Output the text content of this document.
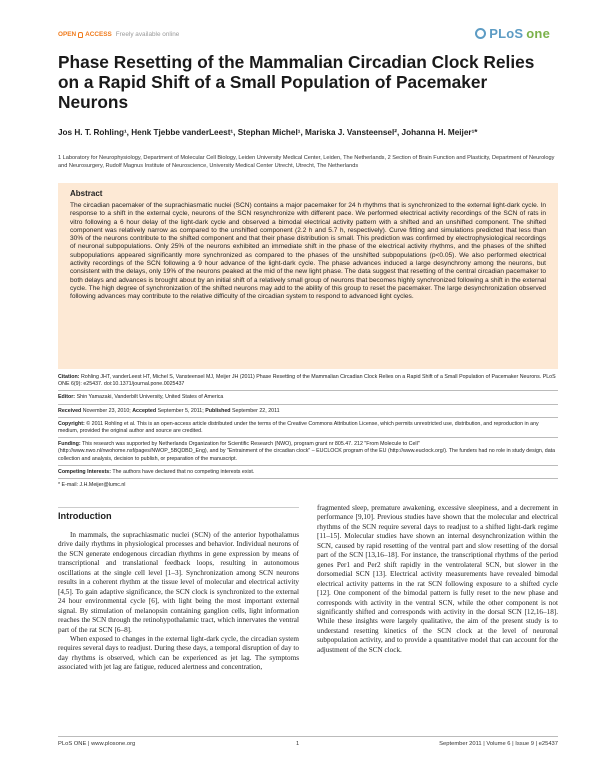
OPEN ACCESS Freely available online	PLoS one
Phase Resetting of the Mammalian Circadian Clock Relies on a Rapid Shift of a Small Population of Pacemaker Neurons
Jos H. T. Rohling¹, Henk Tjebbe vanderLeest¹, Stephan Michel¹, Mariska J. Vansteensel², Johanna H. Meijer¹*
1 Laboratory for Neurophysiology, Department of Molecular Cell Biology, Leiden University Medical Center, Leiden, The Netherlands, 2 Section of Brain Function and Plasticity, Department of Neurology and Neurosurgery, Rudolf Magnus Institute of Neuroscience, University Medical Center Utrecht, Utrecht, The Netherlands
Abstract

The circadian pacemaker of the suprachiasmatic nuclei (SCN) contains a major pacemaker for 24 h rhythms that is synchronized to the external light-dark cycle. In response to a shift in the external cycle, neurons of the SCN resynchronize with different pace. We performed electrical activity recordings of the SCN of rats in vitro following a 6 hour delay of the light-dark cycle and observed a bimodal electrical activity pattern with a shifted and an unshifted component. The shifted component was relatively narrow as compared to the unshifted component (2.2 h and 5.7 h, respectively). Curve fitting and simulations predicted that less than 30% of the neurons contribute to the shifted component and that their phase distribution is small. This prediction was confirmed by electrophysiological recordings of neuronal subpopulations. Only 25% of the neurons exhibited an immediate shift in the phase of the electrical activity rhythms, and the phases of the shifted subpopulations appeared significantly more synchronized as compared to the phases of the unshifted subpopulations (p<0.05). We also performed electrical activity recordings of the SCN following a 9 hour advance of the light-dark cycle. The phase advances induced a large desynchrony among the neurons, but consistent with the delays, only 19% of the neurons peaked at the mid of the new light phase. The data suggest that resetting of the central circadian pacemaker to both delays and advances is brought about by an initial shift of a relatively small group of neurons that becomes highly synchronized following a shift in the external cycle. The high degree of synchronization of the shifted neurons may add to the ability of this group to reset the pacemaker. The large desynchronization observed following advances may contribute to the relative difficulty of the circadian system to respond to advanced light cycles.

Citation: Rohling JHT, vanderLeest HT, Michel S, Vansteensel MJ, Meijer JH (2011) Phase Resetting of the Mammalian Circadian Clock Relies on a Rapid Shift of a Small Population of Pacemaker Neurons. PLoS ONE 6(9): e25437. doi:10.1371/journal.pone.0025437

Editor: Shin Yamazaki, Vanderbilt University, United States of America

Received November 23, 2010; Accepted September 5, 2011; Published September 22, 2011

Copyright: © 2011 Rohling et al. This is an open-access article distributed under the terms of the Creative Commons Attribution License, which permits unrestricted use, distribution, and reproduction in any medium, provided the original author and source are credited.

Funding: This research was supported by Netherlands Organization for Scientific Research (NWO), program grant nr 805.47. 212 "From Molecule to Cell" (http://www.nwo.nl/nwohome.nsf/pages/NWOP_5BQDBD_Eng), and by "Entrainment of the circadian clock" – EUCLOCK program of the EU (http://www.euclock.org/). The funders had no role in study design, data collection and analysis, decision to publish, or preparation of the manuscript.

Competing Interests: The authors have declared that no competing interests exist.

* E-mail: J.H.Meijer@lumc.nl

Introduction

In mammals, the suprachiasmatic nuclei (SCN) of the anterior hypothalamus drive daily rhythms in physiological processes and behavior. Individual neurons of the SCN generate endogenous circadian rhythms in gene expression by means of transcriptional and translational feedback loops, resulting in autonomous oscillations at the single cell level [1–3]. Synchronization among SCN neurons results in a coherent rhythm at the tissue level of molecular and electrical activity [4,5]. To gain adaptive significance, the SCN clock is synchronized to the external 24 hour environmental cycle [6], with light being the most important external signal. By stimulation of melanopsin containing ganglion cells, light information reaches the SCN through the retinohypothalamic tract, which innervates the ventral part of the rat SCN [6–8].

When exposed to changes in the external light-dark cycle, the circadian system requires several days to readjust. During these days, a temporal disruption of day to day rhythms is observed, which can be experienced as jet lag. The symptoms associated with jet lag are fatigue, reduced alertness and concentration,

fragmented sleep, premature awakening, excessive sleepiness, and a decrement in performance [9,10]. Previous studies have shown that the molecular and electrical rhythms of the SCN require several days to readjust to a shifted light-dark regime [11–15]. Molecular studies have shown an internal desynchronization within the SCN, caused by rapid resetting of the ventral part and slow resetting of the dorsal part of the SCN [13,16–18]. For instance, the transcriptional rhythms of the period genes Per1 and Per2 shift rapidly in the ventrolateral SCN, but slower in the dorsomedial SCN [13]. Electrical activity measurements have revealed bimodal electrical activity patterns in the rat SCN following exposure to a shifted cycle [12]. One component of the bimodal pattern is fully reset to the new phase and corresponds with activity in the ventral SCN, while the other component is not significantly shifted and corresponds with activity in the dorsal SCN [12,16–18]. While these insights were largely qualitative, the aim of the present study is to understand resetting kinetics of the SCN clock at the level of neuronal subpopulation activity, and to provide a quantitative model that can account for the adjustment of the SCN clock.

PLoS ONE | www.plosone.org	1	September 2011 | Volume 6 | Issue 9 | e25437
